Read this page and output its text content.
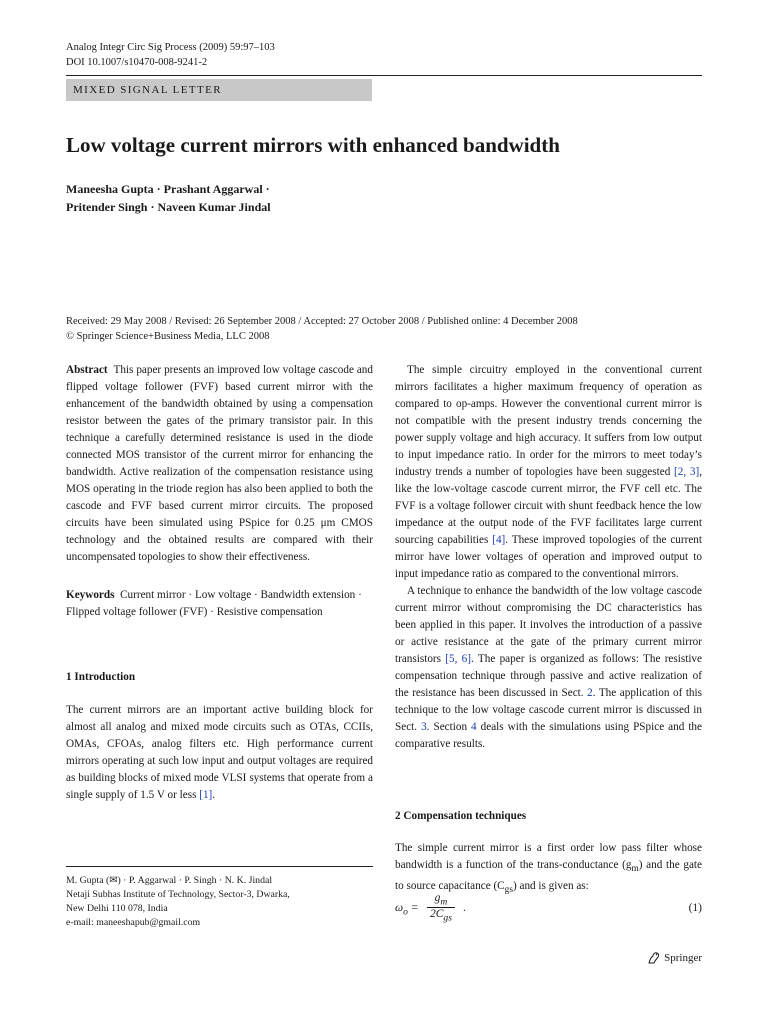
Analog Integr Circ Sig Process (2009) 59:97–103
DOI 10.1007/s10470-008-9241-2
MIXED SIGNAL LETTER
Low voltage current mirrors with enhanced bandwidth
Maneesha Gupta · Prashant Aggarwal ·
Pritender Singh · Naveen Kumar Jindal
Received: 29 May 2008 / Revised: 26 September 2008 / Accepted: 27 October 2008 / Published online: 4 December 2008
© Springer Science+Business Media, LLC 2008

Abstract This paper presents an improved low voltage cascode and flipped voltage follower (FVF) based current mirror with the enhancement of the bandwidth obtained by using a compensation resistor between the gates of the primary transistor pair. In this technique a carefully determined resistance is used in the diode connected MOS transistor of the current mirror for enhancing the bandwidth. Active realization of the compensation resistance using MOS operating in the triode region has also been applied to both the cascode and FVF based current mirror circuits. The proposed circuits have been simulated using PSpice for 0.25 μm CMOS technology and the obtained results are compared with their uncompensated topologies to show their effectiveness.

Keywords Current mirror · Low voltage · Bandwidth extension · Flipped voltage follower (FVF) · Resistive compensation

1 Introduction

The current mirrors are an important active building block for almost all analog and mixed mode circuits such as OTAs, CCIIs, OMAs, CFOAs, analog filters etc. High performance current mirrors operating at such low input and output voltages are required as building blocks of mixed mode VLSI systems that operate from a single supply of 1.5 V or less [1].

M. Gupta (✉) · P. Aggarwal · P. Singh · N. K. Jindal
Netaji Subhas Institute of Technology, Sector-3, Dwarka,
New Delhi 110 078, India
e-mail: maneeshapub@gmail.com

The simple circuitry employed in the conventional current mirrors facilitates a higher maximum frequency of operation as compared to op-amps. However the conventional current mirror is not compatible with the present industry trends concerning the power supply voltage and high accuracy. It suffers from low output to input impedance ratio. In order for the mirrors to meet today’s industry trends a number of topologies have been suggested [2, 3], like the low-voltage cascode current mirror, the FVF cell etc. The FVF is a voltage follower circuit with shunt feedback hence the low impedance at the output node of the FVF facilitates large current sourcing capabilities [4]. These improved topologies of the current mirror have lower voltages of operation and improved output to input impedance ratio as compared to the conventional mirrors.

A technique to enhance the bandwidth of the low voltage cascode current mirror without compromising the DC characteristics has been applied in this paper. It involves the introduction of a passive or active resistance at the gate of the primary current mirror transistors [5, 6]. The paper is organized as follows: The resistive compensation technique through passive and active realization of the resistance has been discussed in Sect. 2. The application of this technique to the low voltage cascode current mirror is discussed in Sect. 3. Section 4 deals with the simulations using PSpice and the comparative results.

2 Compensation techniques

The simple current mirror is a first order low pass filter whose bandwidth is a function of the trans-conductance $(g_m)$ and the gate to source capacitance $(C_{gs})$ and is given as:

$\omega_o$ =
$g_m$
$2C_{gs}$
.	(1)
Springer
